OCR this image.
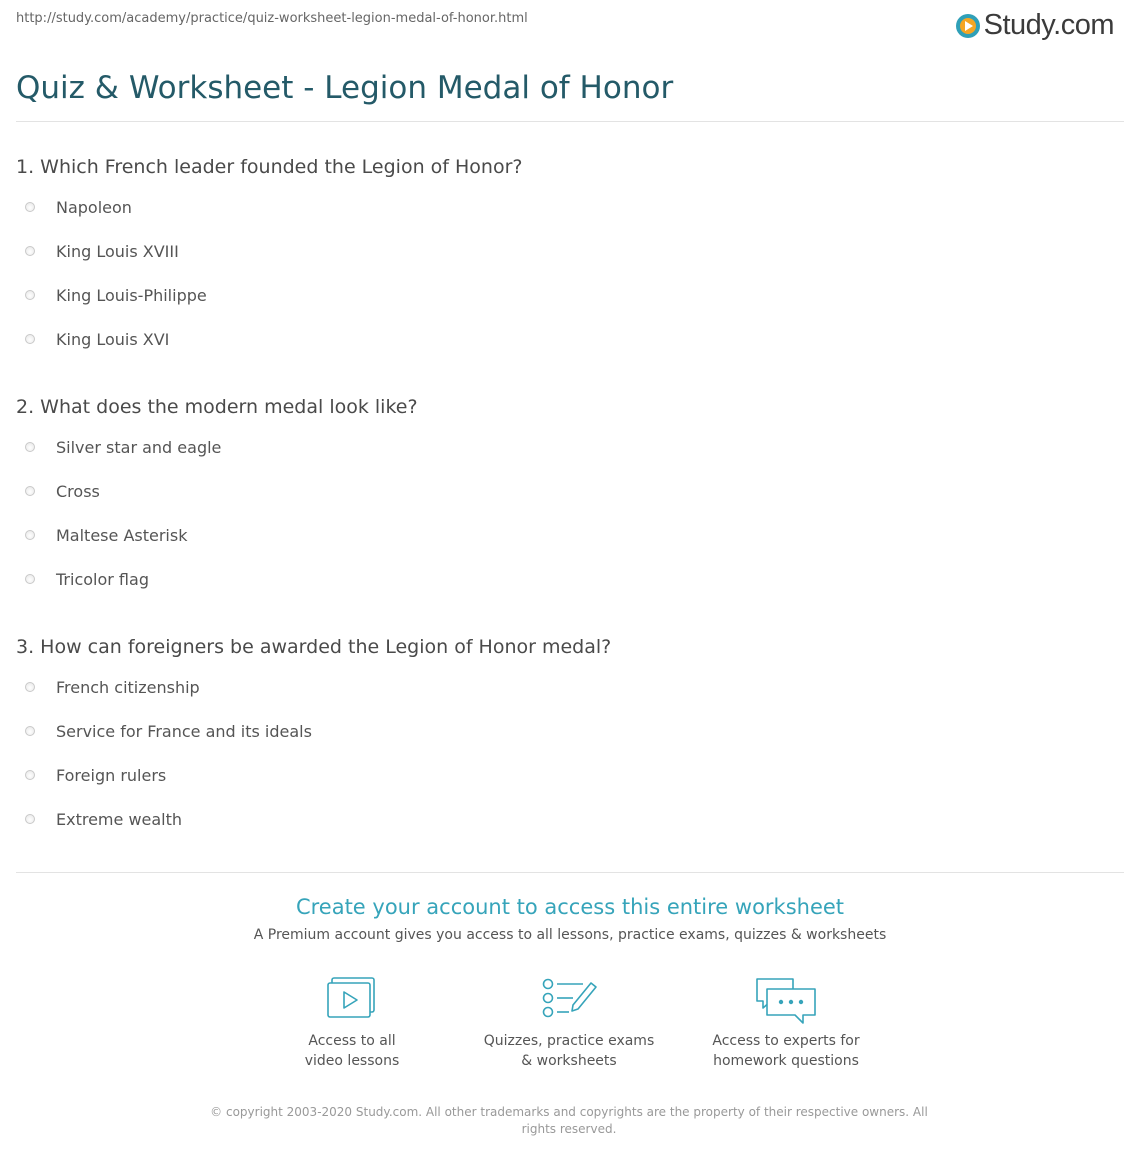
http://study.com/academy/practice/quiz-worksheet-legion-medal-of-honor.html	Study.com
Quiz & Worksheet - Legion Medal of Honor
1. Which French leader founded the Legion of Honor?
Napoleon
King Louis XVIII
King Louis-Philippe
King Louis XVI
2. What does the modern medal look like?
Silver star and eagle
Cross
Maltese Asterisk
Tricolor flag
3. How can foreigners be awarded the Legion of Honor medal?
French citizenship
Service for France and its ideals
Foreign rulers
Extreme wealth
Create your account to access this entire worksheet
A Premium account gives you access to all lessons, practice exams, quizzes & worksheets
Access to all
video lessons
Quizzes, practice exams
& worksheets
Access to experts for
homework questions
© copyright 2003-2020 Study.com. All other trademarks and copyrights are the property of their respective owners. All rights reserved.
